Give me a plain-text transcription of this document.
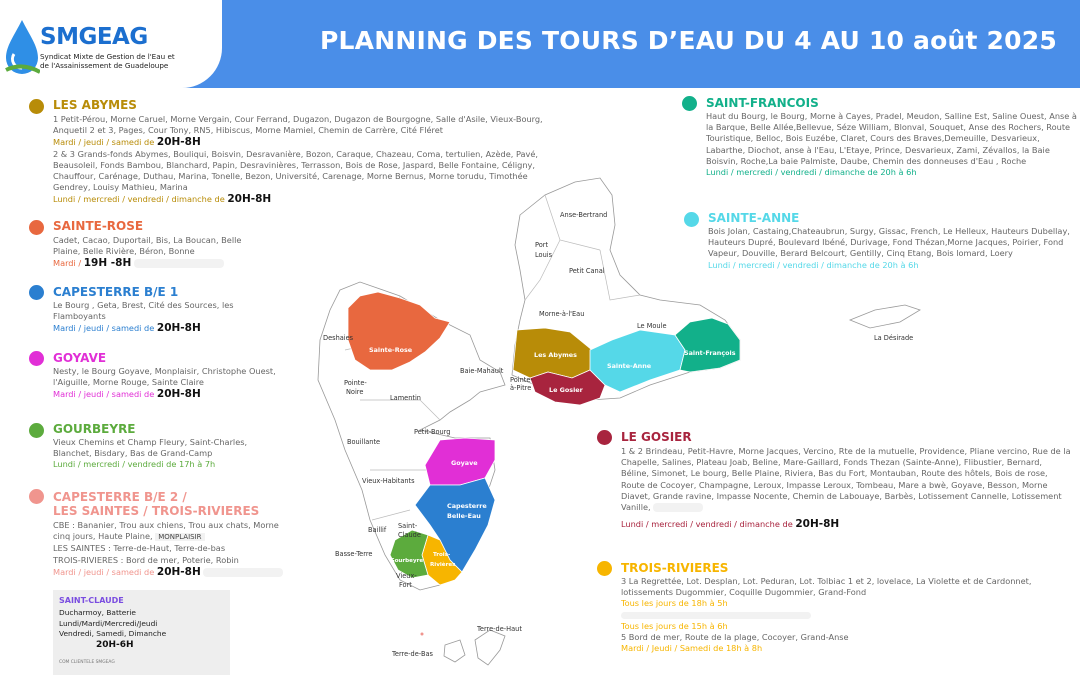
SMGEAG
Syndicat Mixte de Gestion de l'Eau et de l'Assainissement de Guadeloupe
PLANNING DES TOURS D’EAU DU 4 AU 10 août 2025
LES ABYMES
1 Petit-Pérou, Morne Caruel, Morne Vergain, Cour Ferrand, Dugazon, Dugazon de Bourgogne, Salle d'Asile, Vieux-Bourg, Anquetil 2 et 3, Pages, Cour Tony, RN5, Hibiscus, Morne Mamiel, Chemin de Carrère, Cité Fléret
Mardi / jeudi / samedi de 20H-8H
2 & 3 Grands-fonds Abymes, Bouliqui, Boisvin, Desravanière, Bozon, Caraque, Chazeau, Coma, tertulien, Azède, Pavé, Beausoleil, Fonds Bambou, Blanchard, Papin, Desravinières, Terrasson, Bois de Rose, Jaspard, Belle Fontaine, Céligny, Chauffour, Carénage, Duthau, Marina, Tonelle, Bezon, Université, Carenage, Morne Bernus, Morne torudu, Timothée Gendrey, Louisy Mathieu, Marina
Lundi / mercredi / vendredi / dimanche de 20H-8H
SAINTE-ROSE
Cadet, Cacao, Duportail, Bis, La Boucan, Belle Plaine, Belle Rivière, Béron, Bonne
Mardi / 19H -8H
CAPESTERRE B/E 1
Le Bourg , Geta, Brest, Cité des Sources, les Flamboyants
Mardi / jeudi / samedi de 20H-8H
GOYAVE
Nesty, le Bourg Goyave, Monplaisir, Christophe Ouest, l'Aiguille, Morne Rouge, Sainte Claire
Mardi / jeudi / samedi de 20H-8H
GOURBEYRE
Vieux Chemins et Champ Fleury, Saint-Charles, Blanchet, Bisdary, Bas de Grand-Camp
Lundi / mercredi / vendredi de 17h à 7h
CAPESTERRE B/E 2 /
LES SAINTES / TROIS-RIVIERES
CBE : Bananier, Trou aux chiens, Trou aux chats, Morne cinq jours, Haute Plaine, MONPLAISIR
LES SAINTES : Terre-de-Haut, Terre-de-bas
TROIS-RIVIERES : Bord de mer, Poterie, Robin
Mardi / jeudi / samedi de 20H-8H
SAINT-CLAUDE
Ducharmoy, Batterie
Lundi/Mardi/Mercredi/Jeudi
Vendredi, Samedi, Dimanche
20H-6H
COM CLIENTELE SMGEAG
SAINT-FRANCOIS
Haut du Bourg, le Bourg, Morne à Cayes, Pradel, Meudon, Salline Est, Saline Ouest, Anse à la Barque, Belle Allée,Bellevue, Séze William, Blonval, Souquet, Anse des Rochers, Route Touristique, Belloc, Bois Euzébe, Claret, Cours des Braves,Demeuille, Desvarieux, Labarthe, Diochot, anse à l'Eau, L'Etaye, Prince, Desvarieux, Zami, Zévallos, la Baie Boisvin, Roche,La baie Palmiste, Daube, Chemin des donneuses d'Eau , Roche
Lundi / mercredi / vendredi / dimanche de 20h à 6h
SAINTE-ANNE
Bois Jolan, Castaing,Chateaubrun, Surgy, Gissac, French, Le Helleux, Hauteurs Dubellay, Hauteurs Dupré, Boulevard Ibéné, Durivage, Fond Thézan,Morne Jacques, Poirier, Fond Vapeur, Douville, Berard Belcourt, Gentilly, Cinq Etang, Bois lomard, Loery
Lundi / mercredi / vendredi / dimanche de 20h à 6h
LE GOSIER
1 & 2 Brindeau, Petit-Havre, Morne Jacques, Vercino, Rte de la mutuelle, Providence, Pliane vercino, Rue de la Chapelle, Salines, Plateau Joab, Beline, Mare-Gaillard, Fonds Thezan (Sainte-Anne), Flibustier, Bernard, Béline, Simonet, Le bourg, Belle Plaine, Riviera, Bas du Fort, Montauban, Route des hôtels, Bois de rose, Route de Cocoyer, Champagne, Leroux, Impasse Leroux, Tombeau, Mare a bwè, Goyave, Besson, Morne Diavet, Grande ravine, Impasse Nocente, Chemin de Labouaye, Barbès, Lotissement Cannelle, Lotissement Vanille,
Lundi / mercredi / vendredi / dimanche de 20H-8H
TROIS-RIVIERES
3 La Regrettée, Lot. Desplan, Lot. Peduran, Lot. Tolbiac 1 et 2, lovelace, La Violette et de Cardonnet, lotissements Dugommier, Coquille Dugommier, Grand-Fond
Tous les jours de 18h à 5h
Tous les jours de 15h à 6h
5 Bord de mer, Route de la plage, Cocoyer, Grand-Anse
Mardi / Jeudi / Samedi de 18h à 8h
Sainte-Rose
Les Abymes
Le Gosier
Sainte-Anne
Saint-François
Goyave
Capesterre
Belle-Eau
Gourbeyre
Trois-
Rivières
Anse-Bertrand
Port
Louis
Petit Canal
Morne-à-l'Eau
Le Moule
La Désirade
Deshaies
Pointe-
Noire
Baie-Mahault
Pointe-
à-Pitre
Lamentin
Petit-Bourg
Bouillante
Vieux-Habitants
Baillif Saint-
Claude
Basse-Terre
Vieux-
Fort
Terre-de-Haut
Terre-de-Bas
